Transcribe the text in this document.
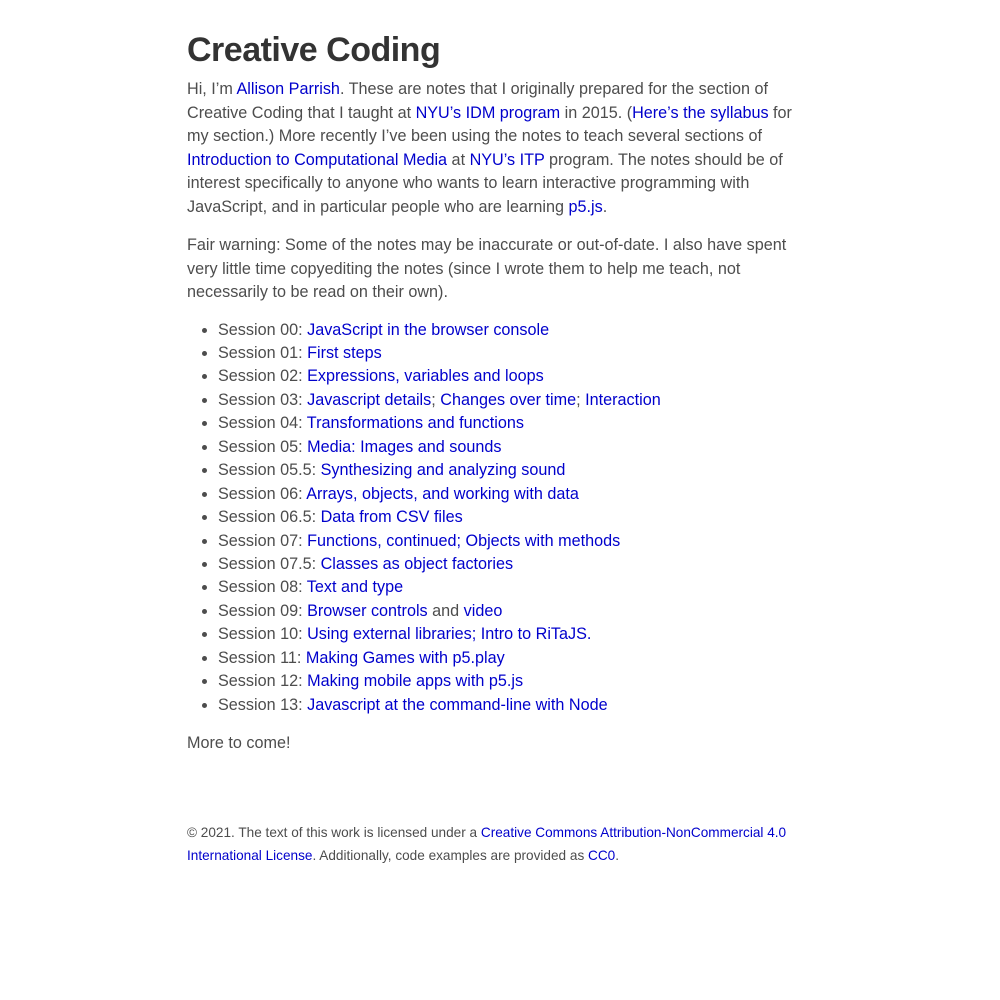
Creative Coding

Hi, I’m Allison Parrish. These are notes that I originally prepared for the section of Creative Coding that I taught at NYU’s IDM program in 2015. (Here’s the syllabus for my section.) More recently I’ve been using the notes to teach several sections of Introduction to Computational Media at NYU’s ITP program. The notes should be of interest specifically to anyone who wants to learn interactive programming with JavaScript, and in particular people who are learning p5.js.

Fair warning: Some of the notes may be inaccurate or out-of-date. I also have spent very little time copyediting the notes (since I wrote them to help me teach, not necessarily to be read on their own).

• Session 00: JavaScript in the browser console
• Session 01: First steps
• Session 02: Expressions, variables and loops
• Session 03: Javascript details; Changes over time; Interaction
• Session 04: Transformations and functions
• Session 05: Media: Images and sounds
• Session 05.5: Synthesizing and analyzing sound
• Session 06: Arrays, objects, and working with data
• Session 06.5: Data from CSV files
• Session 07: Functions, continued; Objects with methods
• Session 07.5: Classes as object factories
• Session 08: Text and type
• Session 09: Browser controls and video
• Session 10: Using external libraries; Intro to RiTaJS.
• Session 11: Making Games with p5.play
• Session 12: Making mobile apps with p5.js
• Session 13: Javascript at the command-line with Node

More to come!

© 2021. The text of this work is licensed under a Creative Commons Attribution-NonCommercial 4.0 International License. Additionally, code examples are provided as CC0.
